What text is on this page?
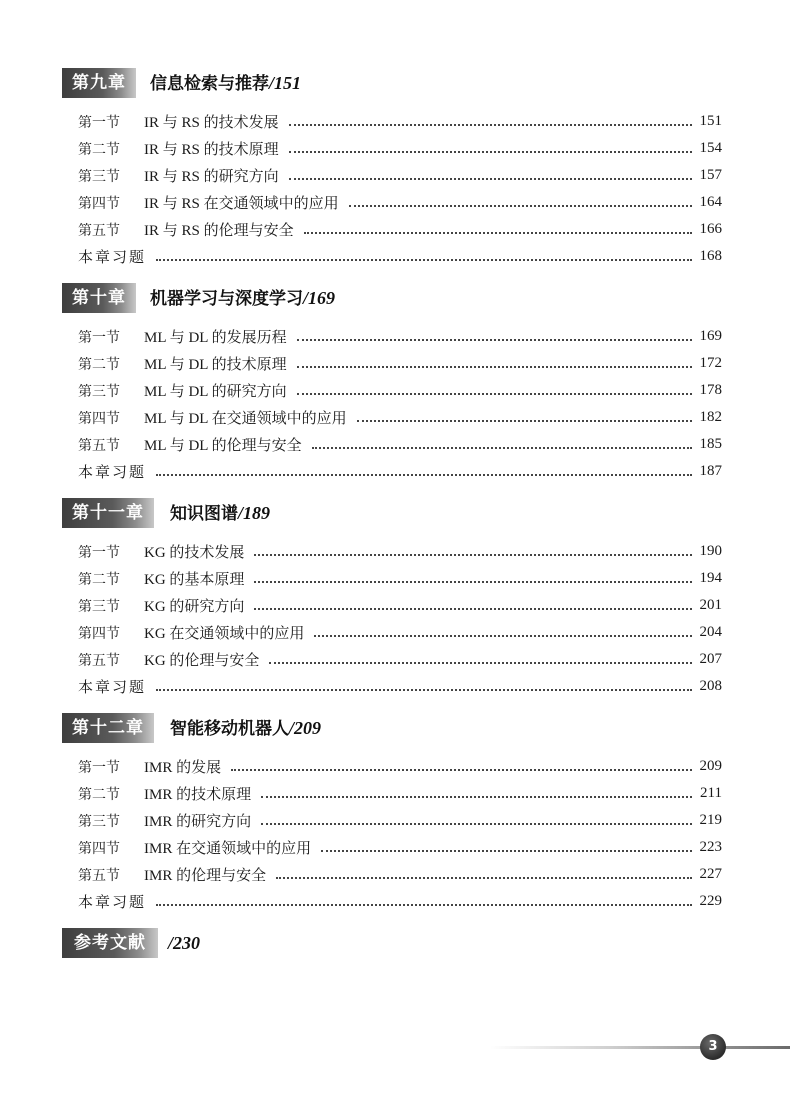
第九章	信息检索与推荐/151
第一节 IR 与 RS 的技术发展	151
第二节 IR 与 RS 的技术原理	154
第三节 IR 与 RS 的研究方向	157
第四节 IR 与 RS 在交通领域中的应用	164
第五节 IR 与 RS 的伦理与安全	166
本章习题	168
第十章	机器学习与深度学习/169
第一节 ML 与 DL 的发展历程	169
第二节 ML 与 DL 的技术原理	172
第三节 ML 与 DL 的研究方向	178
第四节 ML 与 DL 在交通领域中的应用	182
第五节 ML 与 DL 的伦理与安全	185
本章习题	187
第十一章	知识图谱/189
第一节 KG 的技术发展	190
第二节 KG 的基本原理	194
第三节 KG 的研究方向	201
第四节 KG 在交通领域中的应用	204
第五节 KG 的伦理与安全	207
本章习题	208
第十二章	智能移动机器人/209
第一节 IMR 的发展	209
第二节 IMR 的技术原理	211
第三节 IMR 的研究方向	219
第四节 IMR 在交通领域中的应用	223
第五节 IMR 的伦理与安全	227
本章习题	229
参考文献	/230
3
